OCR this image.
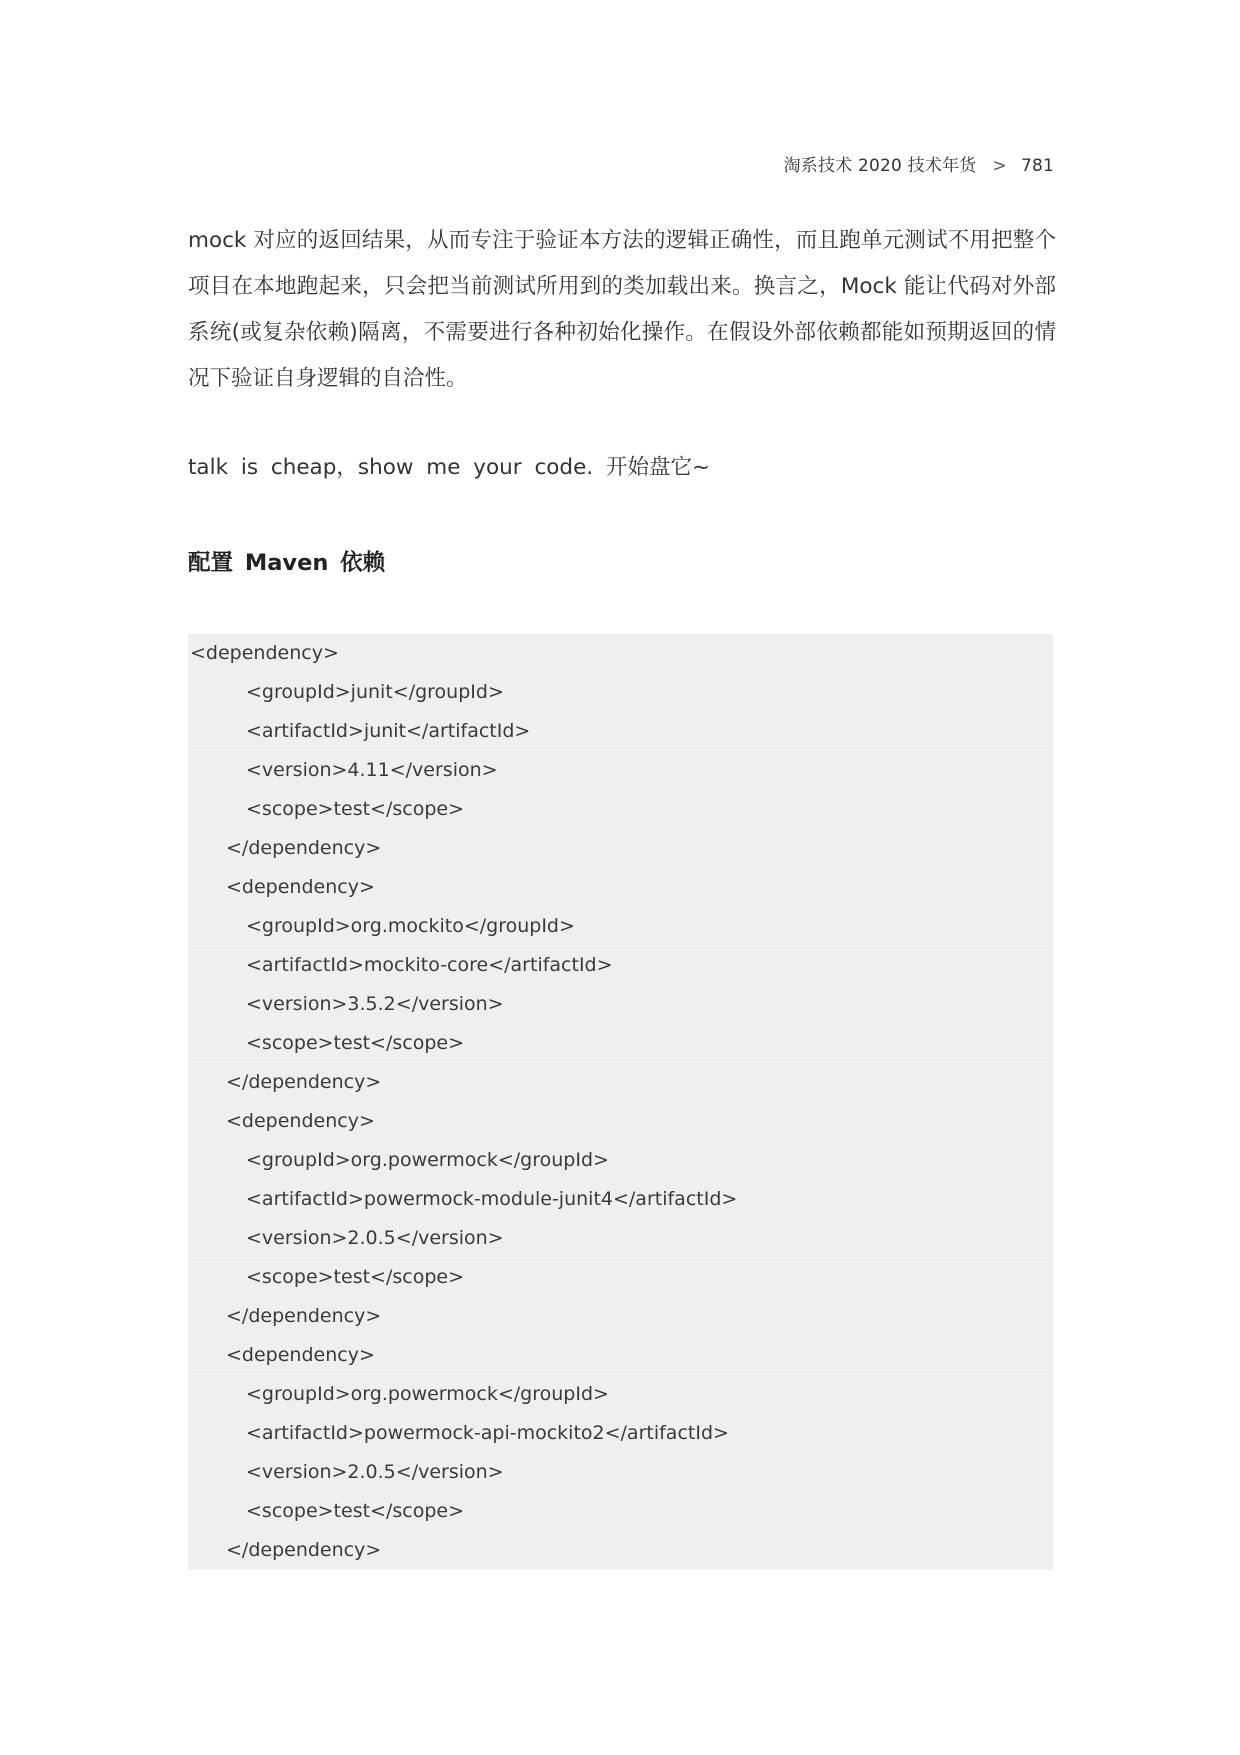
淘系技术 2020 技术年货 > 781

mock 对应的返回结果，从而专注于验证本方法的逻辑正确性，而且跑单元测试不用把整个项目在本地跑起来，只会把当前测试所用到的类加载出来。换言之，Mock 能让代码对外部系统(或复杂依赖)隔离，不需要进行各种初始化操作。在假设外部依赖都能如预期返回的情况下验证自身逻辑的自洽性。

talk is cheap，show me your code. 开始盘它~

配置 Maven 依赖
<dependency>
<groupId>junit</groupId>
<artifactId>junit</artifactId>
<version>4.11</version>
<scope>test</scope>
</dependency>
<dependency>
<groupId>org.mockito</groupId>
<artifactId>mockito-core</artifactId>
<version>3.5.2</version>
<scope>test</scope>
</dependency>
<dependency>
<groupId>org.powermock</groupId>
<artifactId>powermock-module-junit4</artifactId>
<version>2.0.5</version>
<scope>test</scope>
</dependency>
<dependency>
<groupId>org.powermock</groupId>
<artifactId>powermock-api-mockito2</artifactId>
<version>2.0.5</version>
<scope>test</scope>
</dependency>
